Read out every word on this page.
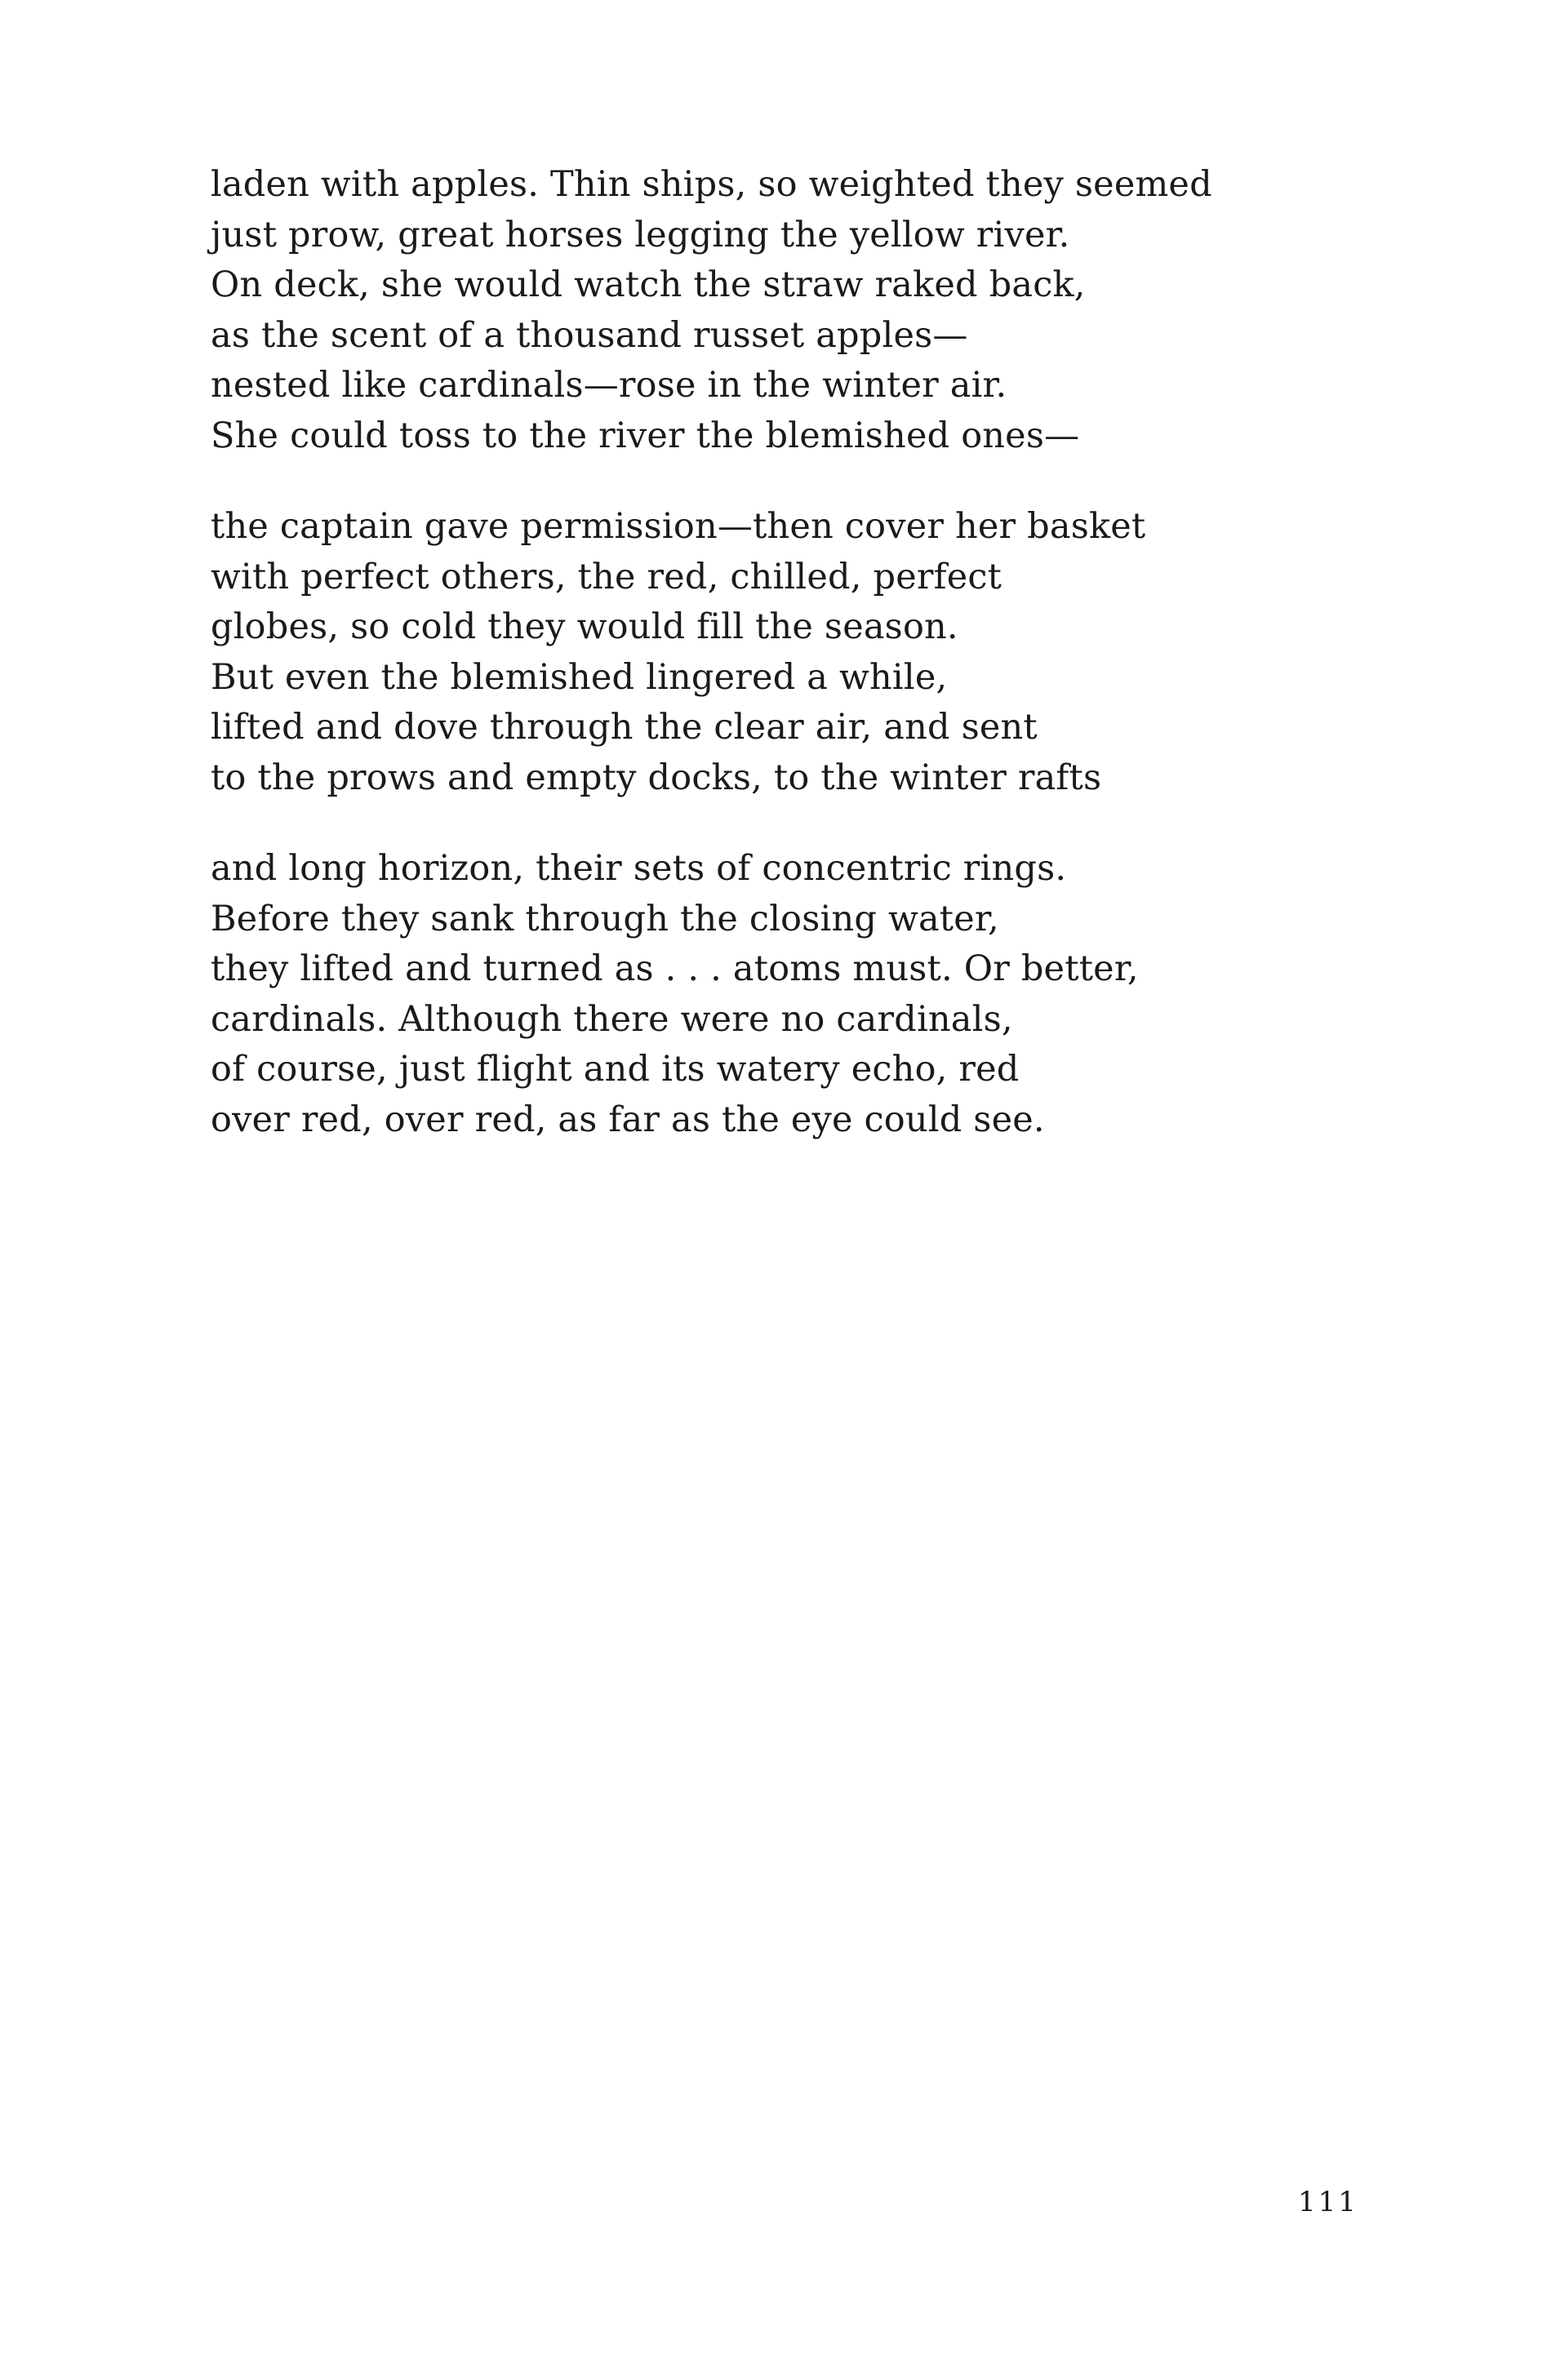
laden with apples. Thin ships, so weighted they seemed
just prow, great horses legging the yellow river.
On deck, she would watch the straw raked back,
as the scent of a thousand russet apples—
nested like cardinals—rose in the winter air.
She could toss to the river the blemished ones—
the captain gave permission—then cover her basket
with perfect others, the red, chilled, perfect
globes, so cold they would fill the season.
But even the blemished lingered a while,
lifted and dove through the clear air, and sent
to the prows and empty docks, to the winter rafts
and long horizon, their sets of concentric rings.
Before they sank through the closing water,
they lifted and turned as . . . atoms must. Or better,
cardinals. Although there were no cardinals,
of course, just flight and its watery echo, red
over red, over red, as far as the eye could see.
111
